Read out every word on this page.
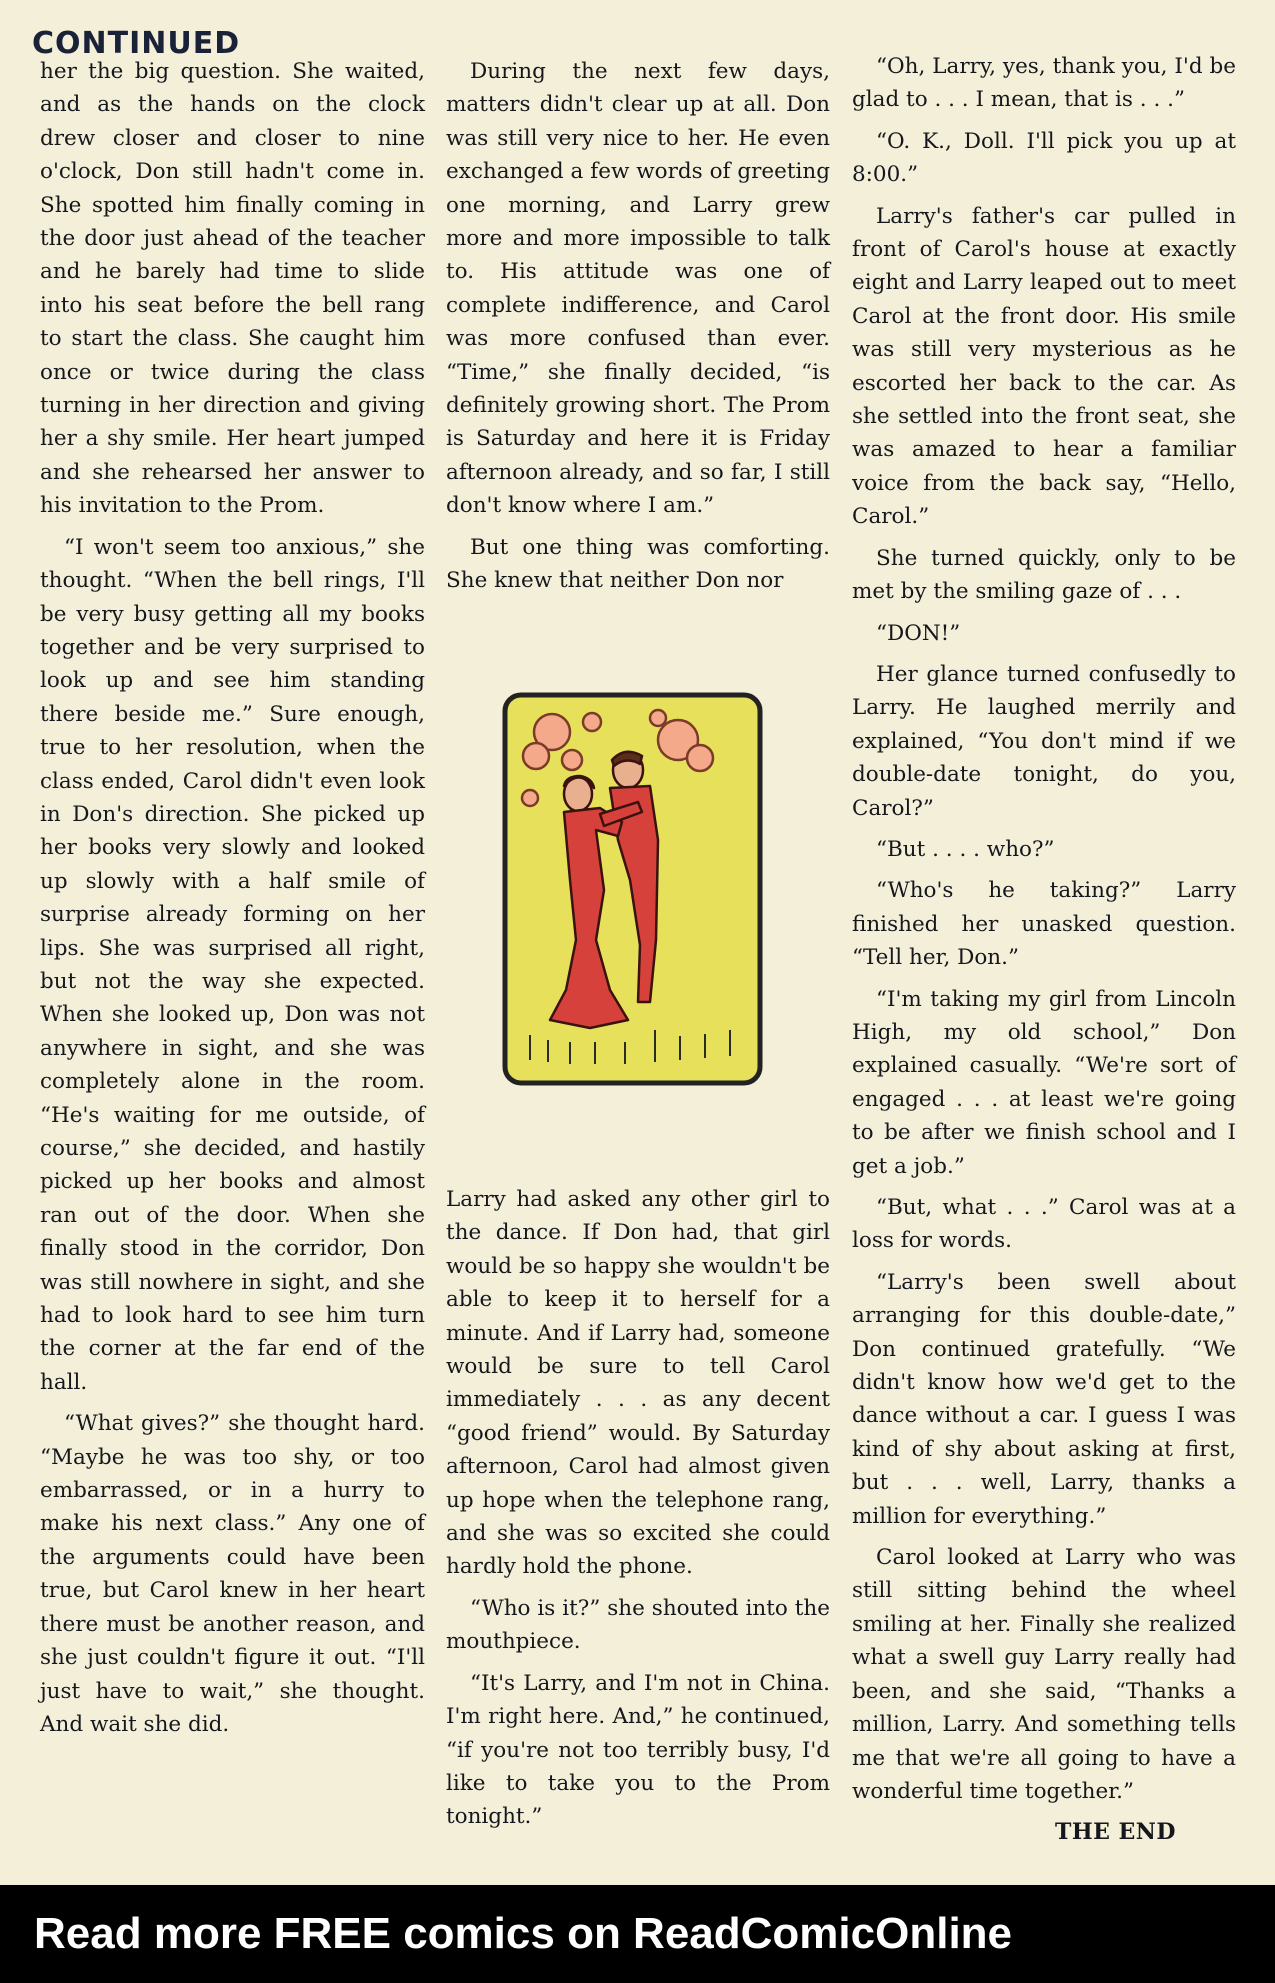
CONTINUED

her the big question. She waited, and as the hands on the clock drew closer and closer to nine o'clock, Don still hadn't come in. She spotted him finally coming in the door just ahead of the teacher and he barely had time to slide into his seat before the bell rang to start the class. She caught him once or twice during the class turning in her direction and giving her a shy smile. Her heart jumped and she rehearsed her answer to his invitation to the Prom.

“I won't seem too anxious,” she thought. “When the bell rings, I'll be very busy getting all my books together and be very surprised to look up and see him standing there beside me.” Sure enough, true to her resolution, when the class ended, Carol didn't even look in Don's direction. She picked up her books very slowly and looked up slowly with a half smile of surprise already forming on her lips. She was surprised all right, but not the way she expected. When she looked up, Don was not anywhere in sight, and she was completely alone in the room. “He's waiting for me outside, of course,” she decided, and hastily picked up her books and almost ran out of the door. When she finally stood in the corridor, Don was still nowhere in sight, and she had to look hard to see him turn the corner at the far end of the hall.

“What gives?” she thought hard. “Maybe he was too shy, or too embarrassed, or in a hurry to make his next class.” Any one of the arguments could have been true, but Carol knew in her heart there must be another reason, and she just couldn't figure it out. “I'll just have to wait,” she thought. And wait she did.

During the next few days, matters didn't clear up at all. Don was still very nice to her. He even exchanged a few words of greeting one morning, and Larry grew more and more impossible to talk to. His attitude was one of complete indifference, and Carol was more confused than ever. “Time,” she finally decided, “is definitely growing short. The Prom is Saturday and here it is Friday afternoon already, and so far, I still don't know where I am.”

But one thing was comforting. She knew that neither Don nor

Larry had asked any other girl to the dance. If Don had, that girl would be so happy she wouldn't be able to keep it to herself for a minute. And if Larry had, someone would be sure to tell Carol immediately . . . as any decent “good friend” would. By Saturday afternoon, Carol had almost given up hope when the telephone rang, and she was so excited she could hardly hold the phone.

“Who is it?” she shouted into the mouthpiece.

“It's Larry, and I'm not in China. I'm right here. And,” he continued, “if you're not too terribly busy, I'd like to take you to the Prom tonight.”

“Oh, Larry, yes, thank you, I'd be glad to . . . I mean, that is . . .”

“O. K., Doll. I'll pick you up at 8:00.”

Larry's father's car pulled in front of Carol's house at exactly eight and Larry leaped out to meet Carol at the front door. His smile was still very mysterious as he escorted her back to the car. As she settled into the front seat, she was amazed to hear a familiar voice from the back say, “Hello, Carol.”

She turned quickly, only to be met by the smiling gaze of . . .

“DON!”

Her glance turned confusedly to Larry. He laughed merrily and explained, “You don't mind if we double-date tonight, do you, Carol?”

“But . . . . who?”

“Who's he taking?” Larry finished her unasked question. “Tell her, Don.”

“I'm taking my girl from Lincoln High, my old school,” Don explained casually. “We're sort of engaged . . . at least we're going to be after we finish school and I get a job.”

“But, what . . .” Carol was at a loss for words.

“Larry's been swell about arranging for this double-date,” Don continued gratefully. “We didn't know how we'd get to the dance without a car. I guess I was kind of shy about asking at first, but . . . well, Larry, thanks a million for everything.”

Carol looked at Larry who was still sitting behind the wheel smiling at her. Finally she realized what a swell guy Larry really had been, and she said, “Thanks a million, Larry. And something tells me that we're all going to have a wonderful time together.”

THE END

Read more FREE comics on ReadComicOnline
